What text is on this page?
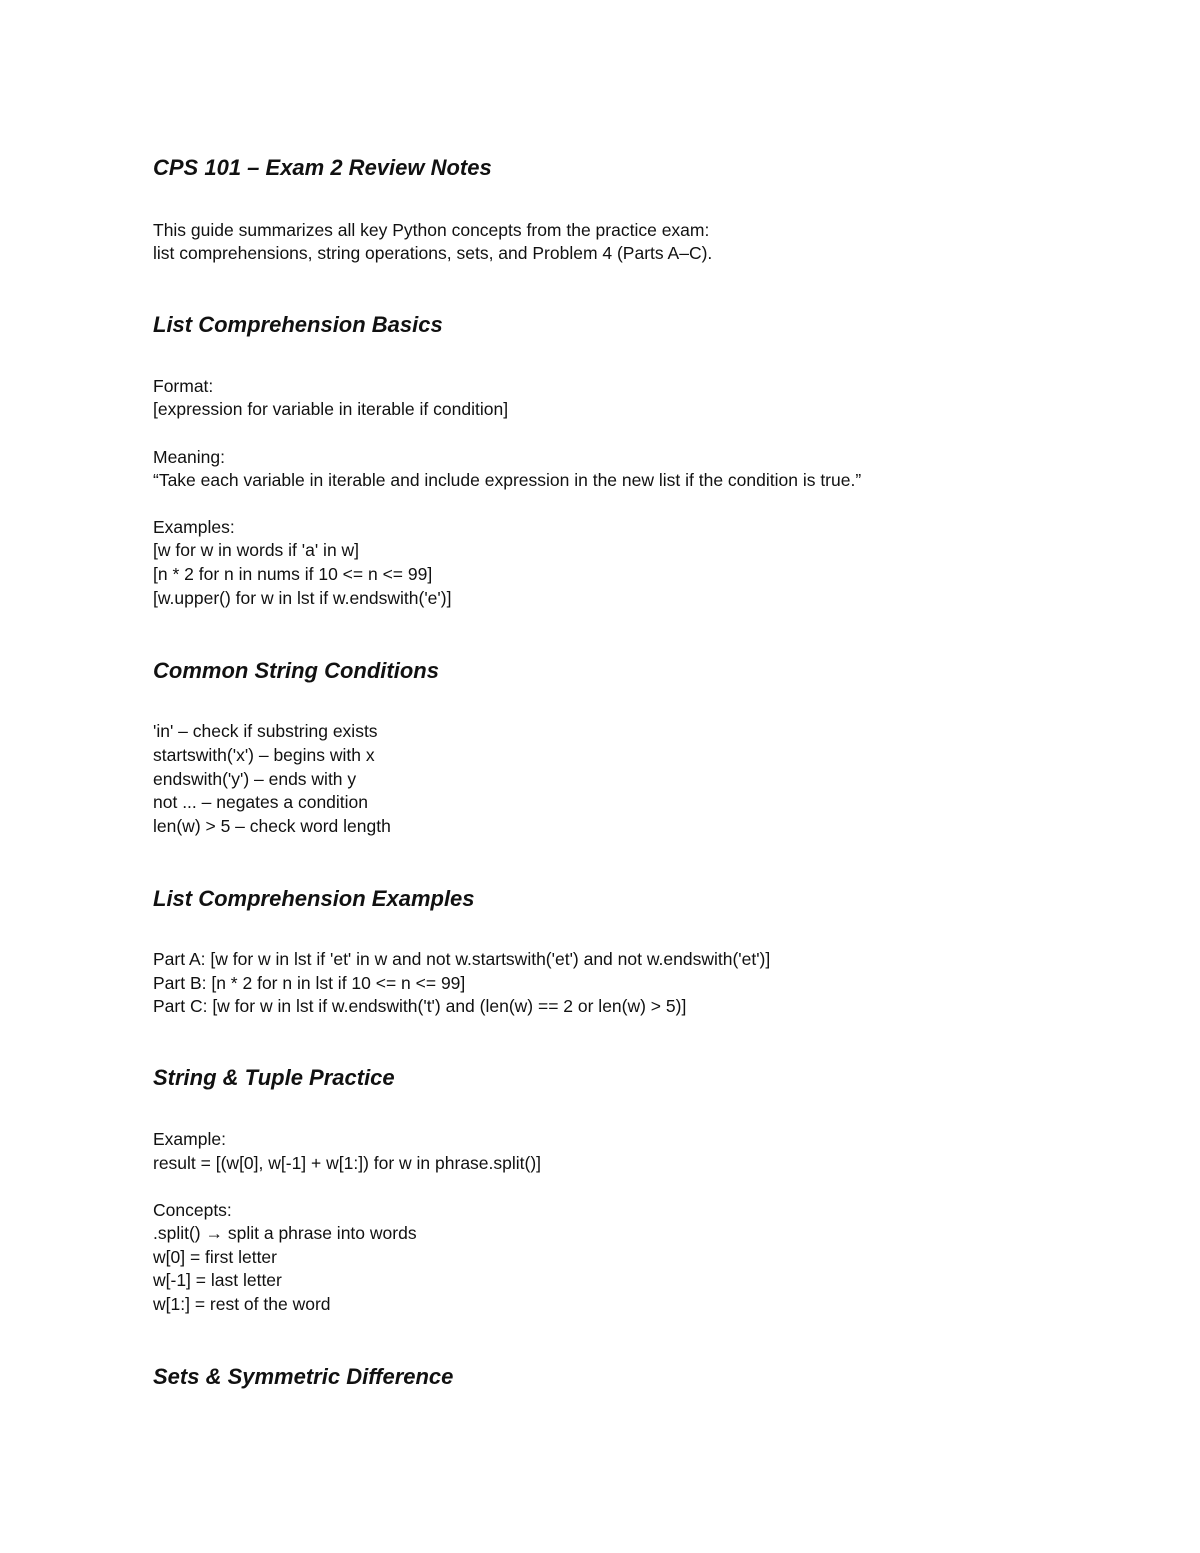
CPS 101 – Exam 2 Review Notes

This guide summarizes all key Python concepts from the practice exam:

list comprehensions, string operations, sets, and Problem 4 (Parts A–C).

List Comprehension Basics

Format:

[expression for variable in iterable if condition]

Meaning:

“Take each variable in iterable and include expression in the new list if the condition is true.”

Examples:

[w for w in words if 'a' in w]

[n * 2 for n in nums if 10 <= n <= 99]

[w.upper() for w in lst if w.endswith('e')]

Common String Conditions

'in' – check if substring exists

startswith('x') – begins with x

endswith('y') – ends with y

not ... – negates a condition

len(w) > 5 – check word length

List Comprehension Examples

Part A: [w for w in lst if 'et' in w and not w.startswith('et') and not w.endswith('et')]

Part B: [n * 2 for n in lst if 10 <= n <= 99]

Part C: [w for w in lst if w.endswith('t') and (len(w) == 2 or len(w) > 5)]

String & Tuple Practice

Example:

result = [(w[0], w[-1] + w[1:]) for w in phrase.split()]

Concepts:

.split() → split a phrase into words

w[0] = first letter

w[-1] = last letter

w[1:] = rest of the word

Sets & Symmetric Difference
